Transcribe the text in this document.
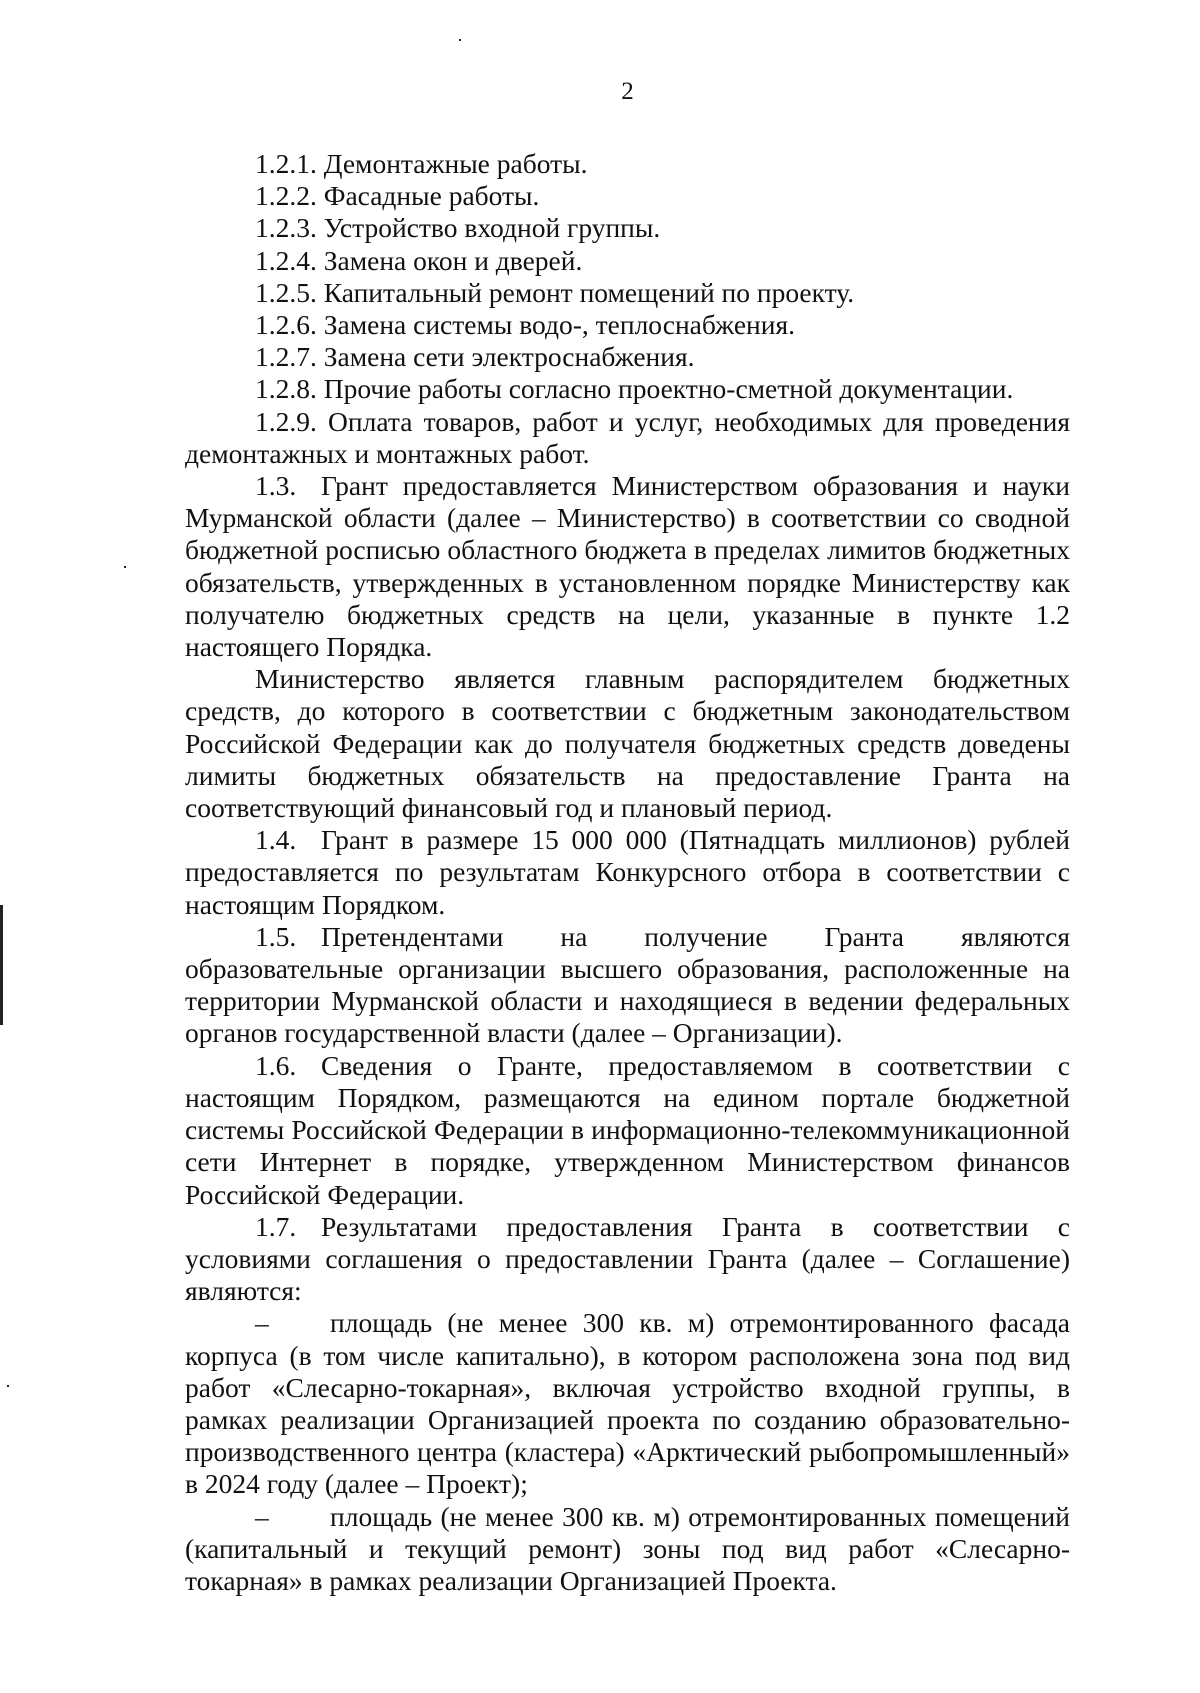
2

1.2.1. Демонтажные работы.

1.2.2. Фасадные работы.

1.2.3. Устройство входной группы.

1.2.4. Замена окон и дверей.

1.2.5. Капитальный ремонт помещений по проекту.

1.2.6. Замена системы водо-, теплоснабжения.

1.2.7. Замена сети электроснабжения.

1.2.8. Прочие работы согласно проектно-сметной документации.

1.2.9. Оплата товаров, работ и услуг, необходимых для проведения демонтажных и монтажных работ.

1.3. Грант предоставляется Министерством образования и науки Мурманской области (далее – Министерство) в соответствии со сводной бюджетной росписью областного бюджета в пределах лимитов бюджетных обязательств, утвержденных в установленном порядке Министерству как получателю бюджетных средств на цели, указанные в пункте 1.2 настоящего Порядка.

Министерство является главным распорядителем бюджетных средств, до которого в соответствии с бюджетным законодательством Российской Федерации как до получателя бюджетных средств доведены лимиты бюджетных обязательств на предоставление Гранта на соответствующий финансовый год и плановый период.

1.4. Грант в размере 15 000 000 (Пятнадцать миллионов) рублей предоставляется по результатам Конкурсного отбора в соответствии с настоящим Порядком.

1.5. Претендентами на получение Гранта являются образовательные организации высшего образования, расположенные на территории Мурманской области и находящиеся в ведении федеральных органов государственной власти (далее – Организации).

1.6. Сведения о Гранте, предоставляемом в соответствии с настоящим Порядком, размещаются на едином портале бюджетной системы Российской Федерации в информационно-телекоммуникационной сети Интернет в порядке, утвержденном Министерством финансов Российской Федерации.

1.7. Результатами предоставления Гранта в соответствии с условиями соглашения о предоставлении Гранта (далее – Соглашение) являются:

– площадь (не менее 300 кв. м) отремонтированного фасада корпуса (в том числе капитально), в котором расположена зона под вид работ «Слесарно-токарная», включая устройство входной группы, в рамках реализации Организацией проекта по созданию образовательно-производственного центра (кластера) «Арктический рыбопромышленный» в 2024 году (далее – Проект);

– площадь (не менее 300 кв. м) отремонтированных помещений (капитальный и текущий ремонт) зоны под вид работ «Слесарно-токарная» в рамках реализации Организацией Проекта.
